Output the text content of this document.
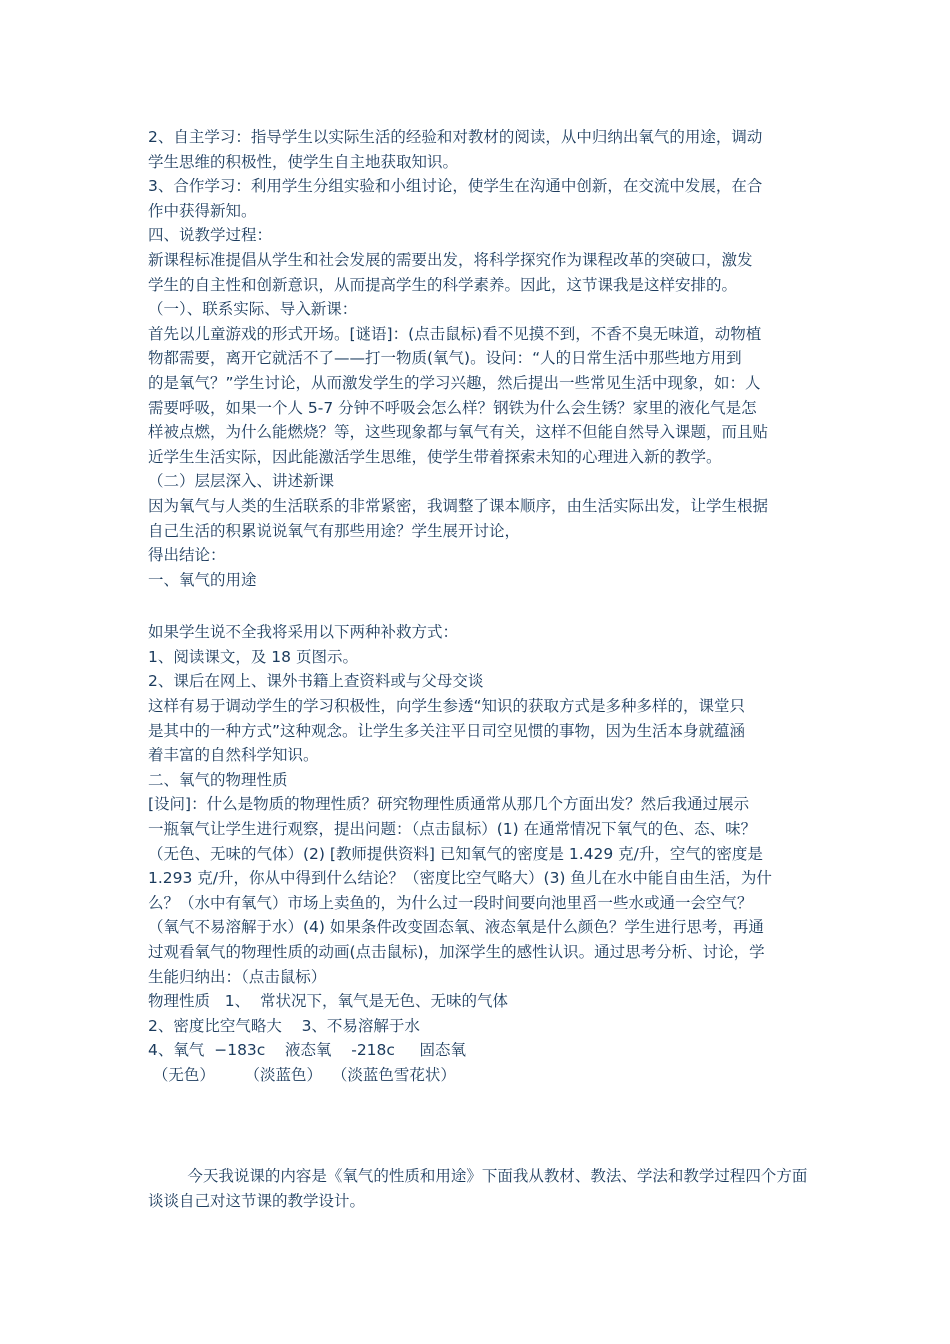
2、自主学习：指导学生以实际生活的经验和对教材的阅读，从中归纳出氧气的用途，调动

学生思维的积极性，使学生自主地获取知识。

3、合作学习：利用学生分组实验和小组讨论，使学生在沟通中创新，在交流中发展，在合

作中获得新知。

四、说教学过程：

新课程标准提倡从学生和社会发展的需要出发，将科学探究作为课程改革的突破口，激发

学生的自主性和创新意识，从而提高学生的科学素养。因此，这节课我是这样安排的。

（一）、联系实际、导入新课：

首先以儿童游戏的形式开场。[谜语]：(点击鼠标)看不见摸不到，不香不臭无味道，动物植

物都需要，离开它就活不了——打一物质(氧气)。设问：“人的日常生活中那些地方用到

的是氧气？”学生讨论，从而激发学生的学习兴趣，然后提出一些常见生活中现象，如：人

需要呼吸，如果一个人 5-7 分钟不呼吸会怎么样？钢铁为什么会生锈？家里的液化气是怎

样被点燃，为什么能燃烧？等，这些现象都与氧气有关，这样不但能自然导入课题，而且贴

近学生生活实际，因此能激活学生思维，使学生带着探索未知的心理进入新的教学。

（二）层层深入、讲述新课

因为氧气与人类的生活联系的非常紧密，我调整了课本顺序，由生活实际出发，让学生根据

自己生活的积累说说氧气有那些用途？学生展开讨论，

得出结论：

一、氧气的用途

如果学生说不全我将采用以下两种补救方式：

1、阅读课文，及 18 页图示。

2、课后在网上、课外书籍上查资料或与父母交谈

这样有易于调动学生的学习积极性，向学生参透“知识的获取方式是多种多样的，课堂只

是其中的一种方式”这种观念。让学生多关注平日司空见惯的事物，因为生活本身就蕴涵

着丰富的自然科学知识。

二、氧气的物理性质

[设问]：什么是物质的物理性质？研究物理性质通常从那几个方面出发？然后我通过展示

一瓶氧气让学生进行观察，提出问题：（点击鼠标）(1) 在通常情况下氧气的色、态、味？

（无色、无味的气体）(2) [教师提供资料] 已知氧气的密度是 1.429 克/升，空气的密度是

1.293 克/升，你从中得到什么结论？（密度比空气略大）(3) 鱼儿在水中能自由生活，为什

么？（水中有氧气）市场上卖鱼的，为什么过一段时间要向池里舀一些水或通一会空气？

（氧气不易溶解于水）(4) 如果条件改变固态氧、液态氧是什么颜色？学生进行思考，再通

过观看氧气的物理性质的动画(点击鼠标)，加深学生的感性认识。通过思考分析、讨论，学

生能归纳出：（点击鼠标）

物理性质   1、  常状况下，氧气是无色、无味的气体

2、密度比空气略大    3、不易溶解于水

4、氧气  −183c    液态氧    -218c     固态氧

（无色）      （淡蓝色）  （淡蓝色雪花状）

今天我说课的内容是《氧气的性质和用途》下面我从教材、教法、学法和教学过程四个方面谈谈自己对这节课的教学设计。
